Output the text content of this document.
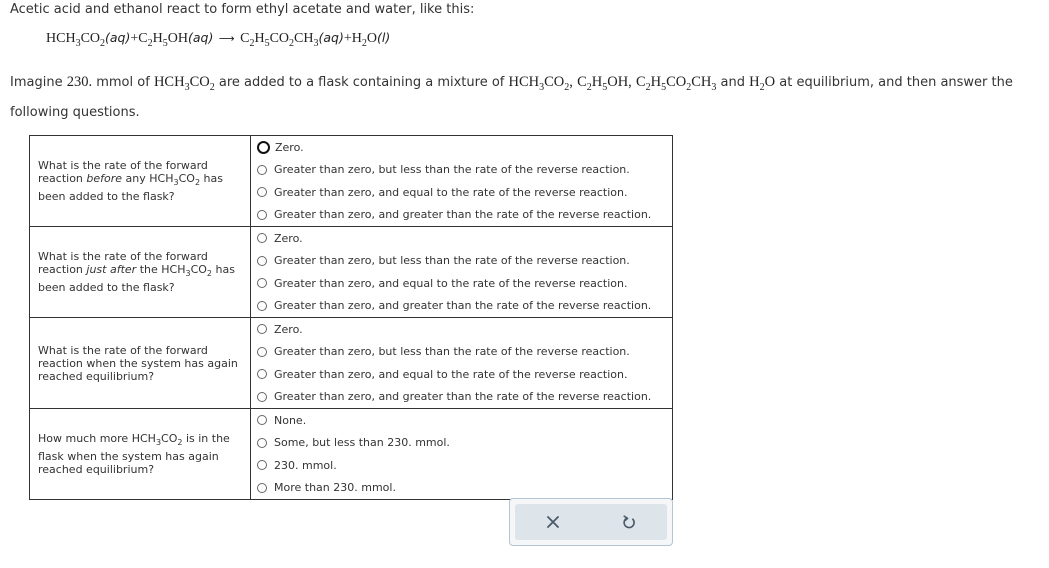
Acetic acid and ethanol react to form ethyl acetate and water, like this:
$HCH_3CO_2(aq)+C_2H_5OH(aq)$ ⟶ $C_2H_5CO_2CH_3(aq)+H_2O(l)$
Imagine 230. mmol of $HCH_3CO_2$ are added to a flask containing a mixture of $HCH_3CO_2$, $C_2H_5OH$, $C_2H_5CO_2CH_3$ and $H_2O$ at equilibrium, and then answer the following questions.
What is the rate of the forward reaction before any $HCH_3CO_2$ has been added to the flask?	Zero.
Greater than zero, but less than the rate of the reverse reaction.
Greater than zero, and equal to the rate of the reverse reaction.
Greater than zero, and greater than the rate of the reverse reaction.

What is the rate of the forward reaction just after the $HCH_3CO_2$ has been added to the flask?	Zero.
Greater than zero, but less than the rate of the reverse reaction.
Greater than zero, and equal to the rate of the reverse reaction.
Greater than zero, and greater than the rate of the reverse reaction.

What is the rate of the forward reaction when the system has again reached equilibrium?	Zero.
Greater than zero, but less than the rate of the reverse reaction.
Greater than zero, and equal to the rate of the reverse reaction.
Greater than zero, and greater than the rate of the reverse reaction.

How much more $HCH_3CO_2$ is in the flask when the system has again reached equilibrium?	None.
Some, but less than 230. mmol.
230. mmol.
More than 230. mmol.
